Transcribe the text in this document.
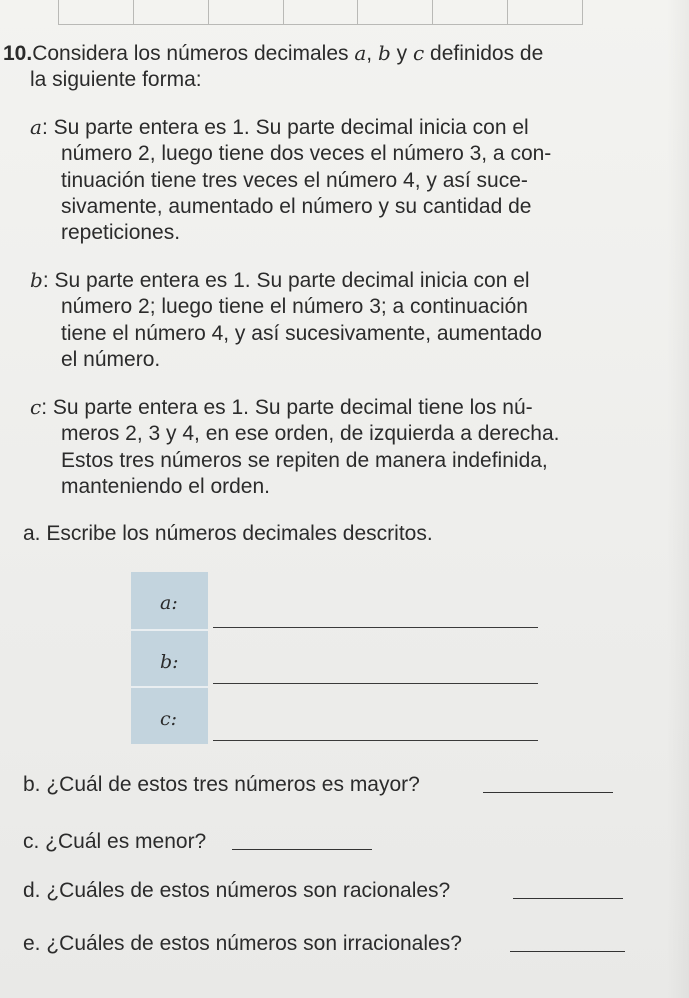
10.Considera los números decimales a, b y c definidos de
la siguiente forma:
a: Su parte entera es 1. Su parte decimal inicia con el
número 2, luego tiene dos veces el número 3, a con-
tinuación tiene tres veces el número 4, y así suce-
sivamente, aumentado el número y su cantidad de
repeticiones.
b: Su parte entera es 1. Su parte decimal inicia con el
número 2; luego tiene el número 3; a continuación
tiene el número 4, y así sucesivamente, aumentado
el número.
c: Su parte entera es 1. Su parte decimal tiene los nú-
meros 2, 3 y 4, en ese orden, de izquierda a derecha.
Estos tres números se repiten de manera indefinida,
manteniendo el orden.
a. Escribe los números decimales descritos.
a:
b:
c:
b. ¿Cuál de estos tres números es mayor?
c. ¿Cuál es menor?
d. ¿Cuáles de estos números son racionales?
e. ¿Cuáles de estos números son irracionales?
